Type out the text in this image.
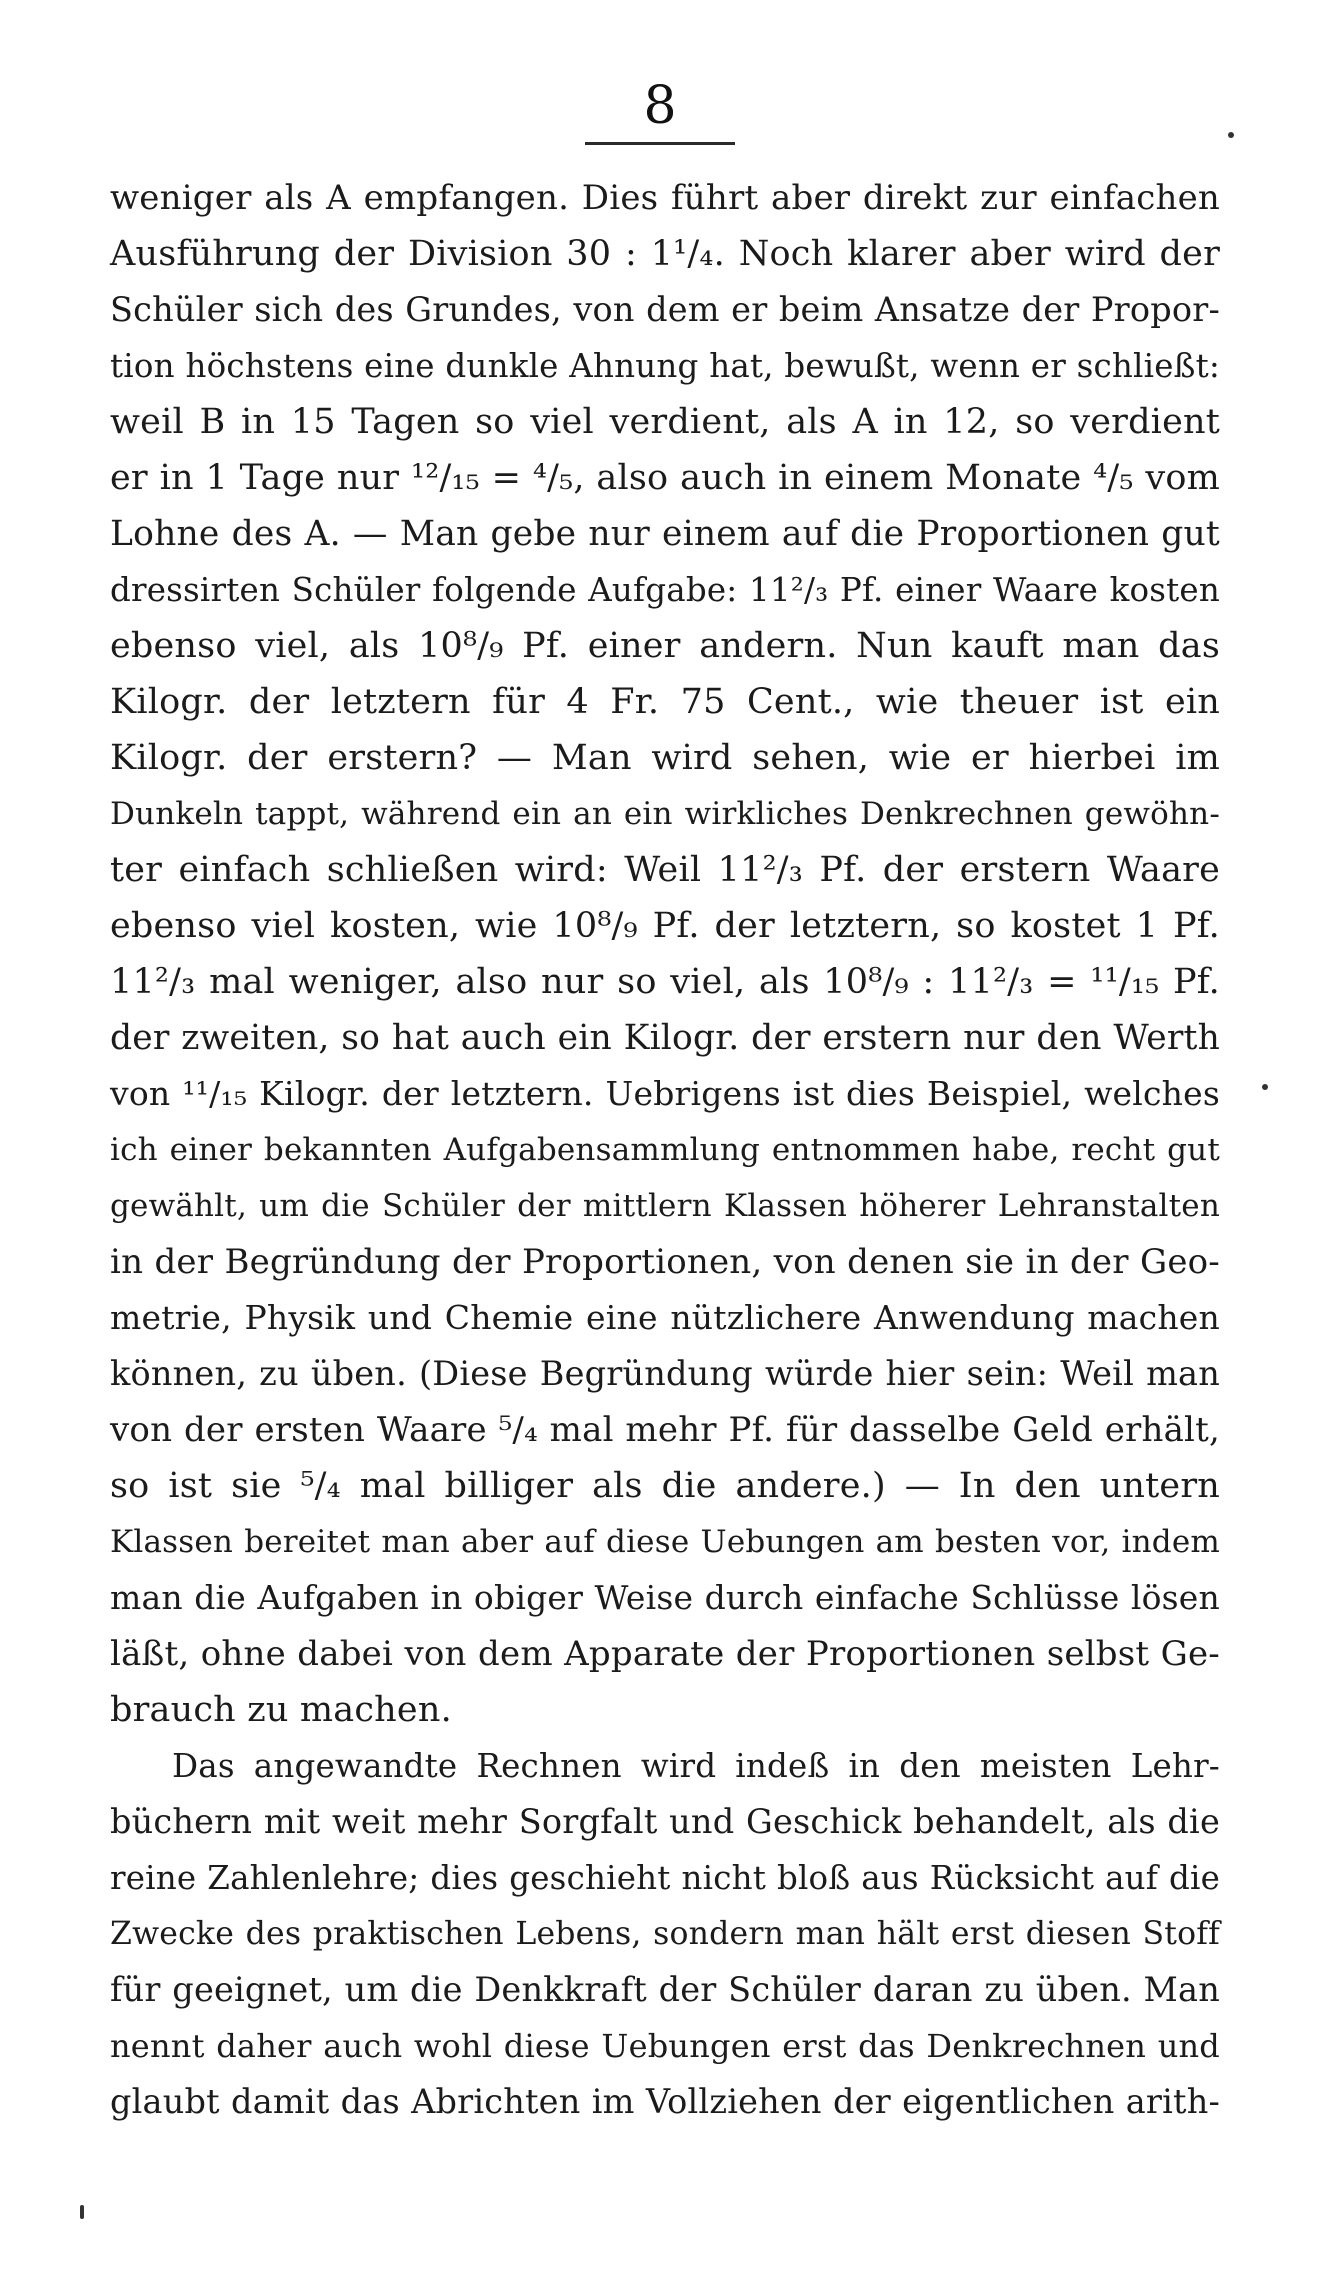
8
weniger als A empfangen. Dies führt aber direkt zur einfachen
Ausführung der Division 30 : 1¹/₄. Noch klarer aber wird der
Schüler sich des Grundes, von dem er beim Ansatze der Propor-
tion höchstens eine dunkle Ahnung hat, bewußt, wenn er schließt:
weil B in 15 Tagen so viel verdient, als A in 12, so verdient
er in 1 Tage nur ¹²/₁₅ = ⁴/₅, also auch in einem Monate ⁴/₅ vom
Lohne des A. — Man gebe nur einem auf die Proportionen gut
dressirten Schüler folgende Aufgabe: 11²/₃ Pf. einer Waare kosten
ebenso viel, als 10⁸/₉ Pf. einer andern. Nun kauft man das
Kilogr. der letztern für 4 Fr. 75 Cent., wie theuer ist ein
Kilogr. der erstern? — Man wird sehen, wie er hierbei im
Dunkeln tappt, während ein an ein wirkliches Denkrechnen gewöhn-
ter einfach schließen wird: Weil 11²/₃ Pf. der erstern Waare
ebenso viel kosten, wie 10⁸/₉ Pf. der letztern, so kostet 1 Pf.
11²/₃ mal weniger, also nur so viel, als 10⁸/₉ : 11²/₃ = ¹¹/₁₅ Pf.
der zweiten, so hat auch ein Kilogr. der erstern nur den Werth
von ¹¹/₁₅ Kilogr. der letztern. Uebrigens ist dies Beispiel, welches
ich einer bekannten Aufgabensammlung entnommen habe, recht gut
gewählt, um die Schüler der mittlern Klassen höherer Lehranstalten
in der Begründung der Proportionen, von denen sie in der Geo-
metrie, Physik und Chemie eine nützlichere Anwendung machen
können, zu üben. (Diese Begründung würde hier sein: Weil man
von der ersten Waare ⁵/₄ mal mehr Pf. für dasselbe Geld erhält,
so ist sie ⁵/₄ mal billiger als die andere.) — In den untern
Klassen bereitet man aber auf diese Uebungen am besten vor, indem
man die Aufgaben in obiger Weise durch einfache Schlüsse lösen
läßt, ohne dabei von dem Apparate der Proportionen selbst Ge-
brauch zu machen.
Das angewandte Rechnen wird indeß in den meisten Lehr-
büchern mit weit mehr Sorgfalt und Geschick behandelt, als die
reine Zahlenlehre; dies geschieht nicht bloß aus Rücksicht auf die
Zwecke des praktischen Lebens, sondern man hält erst diesen Stoff
für geeignet, um die Denkkraft der Schüler daran zu üben. Man
nennt daher auch wohl diese Uebungen erst das Denkrechnen und
glaubt damit das Abrichten im Vollziehen der eigentlichen arith-
